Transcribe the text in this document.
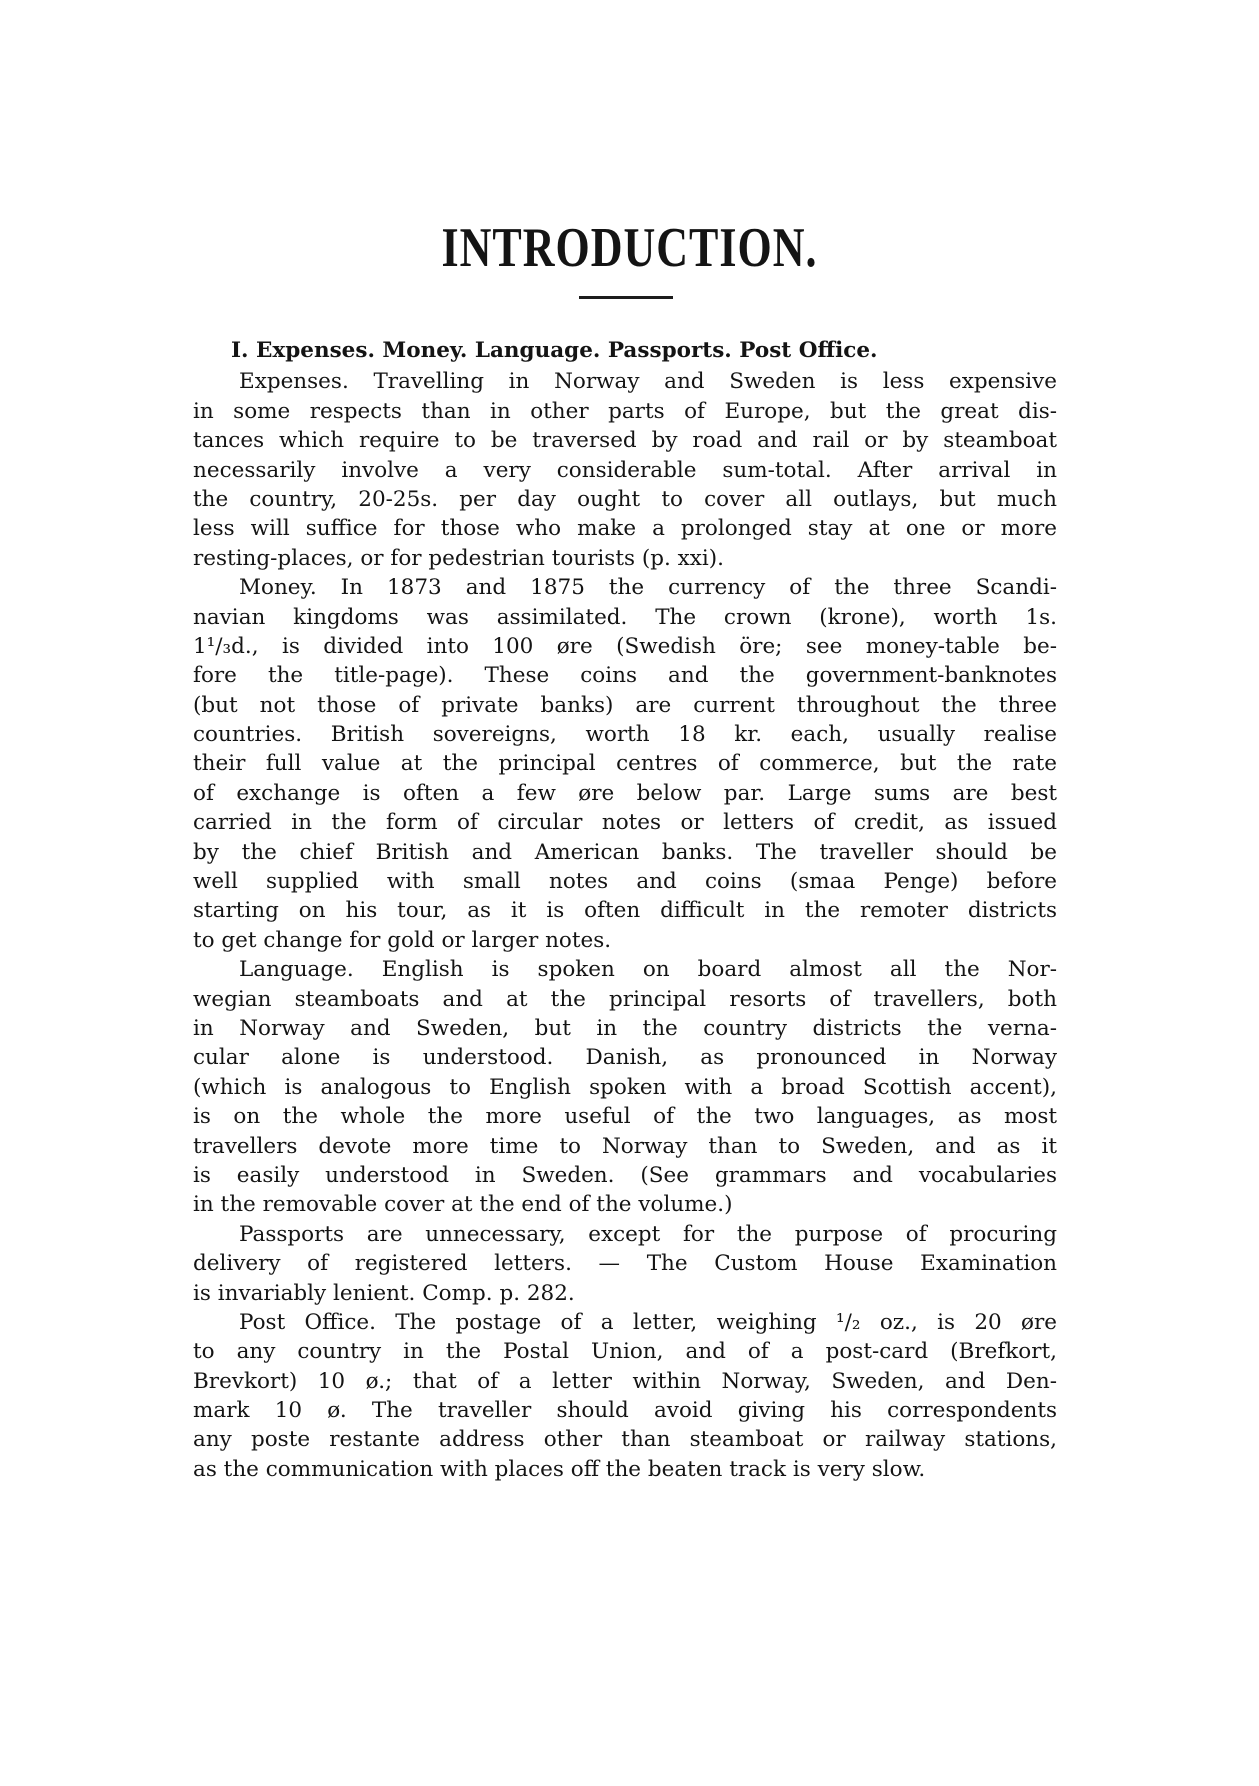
INTRODUCTION.
I. Expenses. Money. Language. Passports. Post Office.
Expenses. Travelling in Norway and Sweden is less expensive
in some respects than in other parts of Europe, but the great dis-
tances which require to be traversed by road and rail or by steamboat
necessarily involve a very considerable sum-total. After arrival in
the country, 20-25s. per day ought to cover all outlays, but much
less will suffice for those who make a prolonged stay at one or more
resting-places, or for pedestrian tourists (p. xxi).
Money. In 1873 and 1875 the currency of the three Scandi-
navian kingdoms was assimilated. The crown (krone), worth 1s.
1¹/₃d., is divided into 100 øre (Swedish öre; see money-table be-
fore the title-page). These coins and the government-banknotes
(but not those of private banks) are current throughout the three
countries. British sovereigns, worth 18 kr. each, usually realise
their full value at the principal centres of commerce, but the rate
of exchange is often a few øre below par. Large sums are best
carried in the form of circular notes or letters of credit, as issued
by the chief British and American banks. The traveller should be
well supplied with small notes and coins (smaa Penge) before
starting on his tour, as it is often difficult in the remoter districts
to get change for gold or larger notes.
Language. English is spoken on board almost all the Nor-
wegian steamboats and at the principal resorts of travellers, both
in Norway and Sweden, but in the country districts the verna-
cular alone is understood. Danish, as pronounced in Norway
(which is analogous to English spoken with a broad Scottish accent),
is on the whole the more useful of the two languages, as most
travellers devote more time to Norway than to Sweden, and as it
is easily understood in Sweden. (See grammars and vocabularies
in the removable cover at the end of the volume.)
Passports are unnecessary, except for the purpose of procuring
delivery of registered letters. — The Custom House Examination
is invariably lenient. Comp. p. 282.
Post Office. The postage of a letter, weighing ¹/₂ oz., is 20 øre
to any country in the Postal Union, and of a post-card (Brefkort,
Brevkort) 10 ø.; that of a letter within Norway, Sweden, and Den-
mark 10 ø. The traveller should avoid giving his correspondents
any poste restante address other than steamboat or railway stations,
as the communication with places off the beaten track is very slow.
